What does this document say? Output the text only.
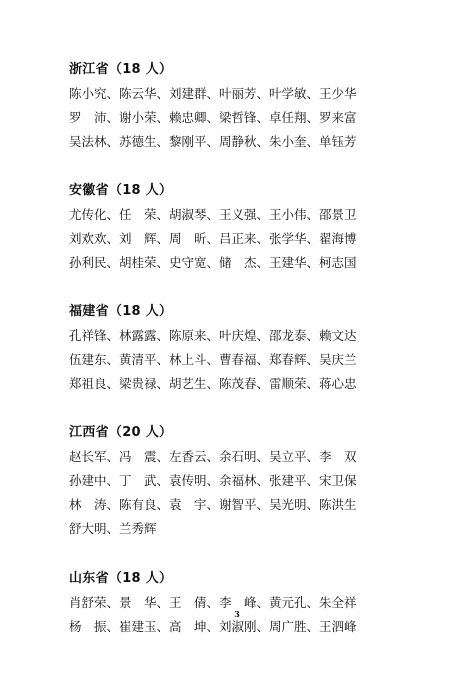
浙江省（18 人）
陈小究、陈云华、刘建群、叶丽芳、叶学敏、王少华
罗　沛、谢小荣、赖忠卿、梁哲锋、卓任翔、罗来富
吴法林、苏德生、黎刚平、周静秋、朱小奎、单钰芳
安徽省（18 人）
尤传化、任　荣、胡淑琴、王义强、王小伟、邵景卫
刘欢欢、刘　辉、周　昕、吕正来、张学华、翟海博
孙利民、胡桂荣、史守宽、储　杰、王建华、柯志国
福建省（18 人）
孔祥锋、林露露、陈原来、叶庆煌、邵龙泰、赖文达
伍建东、黄清平、林上斗、曹春福、郑春辉、吴庆兰
郑祖良、梁贵禄、胡艺生、陈茂春、雷顺荣、蒋心忠
江西省（20 人）
赵长军、冯　震、左香云、余石明、吴立平、李　双
孙建中、丁　武、袁传明、余福林、张建平、宋卫保
林　涛、陈有良、袁　宇、谢智平、吴光明、陈洪生
舒大明、兰秀辉
山东省（18 人）
肖舒荣、景　华、王　倩、李　峰、黄元孔、朱全祥
杨　振、崔建玉、高　坤、刘淑刚、周广胜、王泗峰
3
